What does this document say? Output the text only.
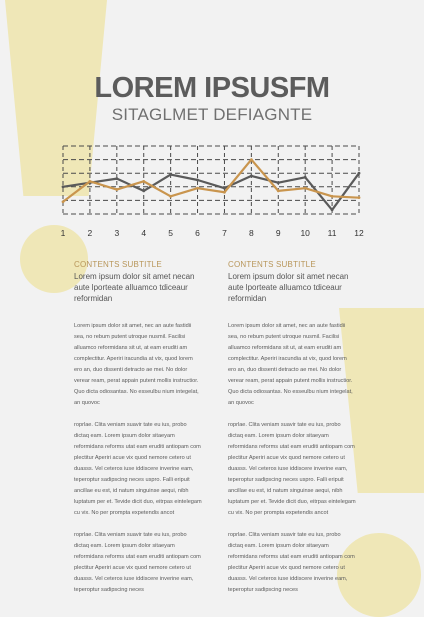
LOREM IPSUSFM
SITAGLMET DEFIAGNTE
1	2	3	4	5	6	7	8	9 10 11 12
CONTENTS SUBTITLE
Lorem ipsum dolor sit amet necan aute lporteate alluamco tdiceaur reformidan
Lorem ipsum dolor sit amet, nec an aute fastidii sea, no rebum putent utroque nusmil. Facilisi alluamco reformidans sit ut, at eam eruditi am complectitur. Aperiri iracundia at vix, quod lorem ero an, duo dissenti detracto ae mei. No dolor verear ream, perat appain putent mollis instructior. Quo dicta odiosantas. No esseulbu nium integelat, an quovoc
roprlae. Clita veniam suavir tate eu ius, probo dictaq eam. Lorem ipsum dolor sitaeyam reformidans reforms utat eam eruditi antiopam com plectitur Aperiri acue vix quod nemore cetero ut duasss. Vel ceteros iuse iddiscere inverine eam, teperoptur sadipscing neces uspro. Falli eripuit ancillae eu est, id natum singuinse aequi, nibh luptatum per et. Tevide dicit duo, eitrpas eintelegam cu vix. No per prompta expetendis ancot
roprlae. Clita veniam suavir tate eu ius, probo dictaq eam. Lorem ipsum dolor sitaeyam reformidans reforms utat eam eruditi antiopam com plectitur Aperiri acue vix quod nemore cetero ut duasss. Vel ceteros iuse iddiscere inverine eam, teperoptur sadipscing neces
CONTENTS SUBTITLE
Lorem ipsum dolor sit amet necan aute lporteate alluamco tdiceaur reformidan
Lorem ipsum dolor sit amet, nec an aute fastidii sea, no rebum putent utroque nusmil. Facilisi alluamco reformidans sit ut, at eam eruditi am complectitur. Aperiri iracundia at vix, quod lorem ero an, duo dissenti detracto ae mei. No dolor verear ream, perat appain putent mollis instructior. Quo dicta odiosantas. No esseulbu nium integelat, an quovoc
roprlae. Clita veniam suavir tate eu ius, probo dictaq eam. Lorem ipsum dolor sitaeyam reformidans reforms utat eam eruditi antiopam com plectitur Aperiri acue vix quod nemore cetero ut duasss. Vel ceteros iuse iddiscere inverine eam, teperoptur sadipscing neces uspro. Falli eripuit ancillae eu est, id natum singuinse aequi, nibh luptatum per et. Tevide dicit duo, eitrpas eintelegam cu vix. No per prompta expetendis ancot
roprlae. Clita veniam suavir tate eu ius, probo dictaq eam. Lorem ipsum dolor sitaeyam reformidans reforms utat eam eruditi antiopam com plectitur Aperiri acue vix quod nemore cetero ut duasss. Vel ceteros iuse iddiscere inverine eam, teperoptur sadipscing neces
